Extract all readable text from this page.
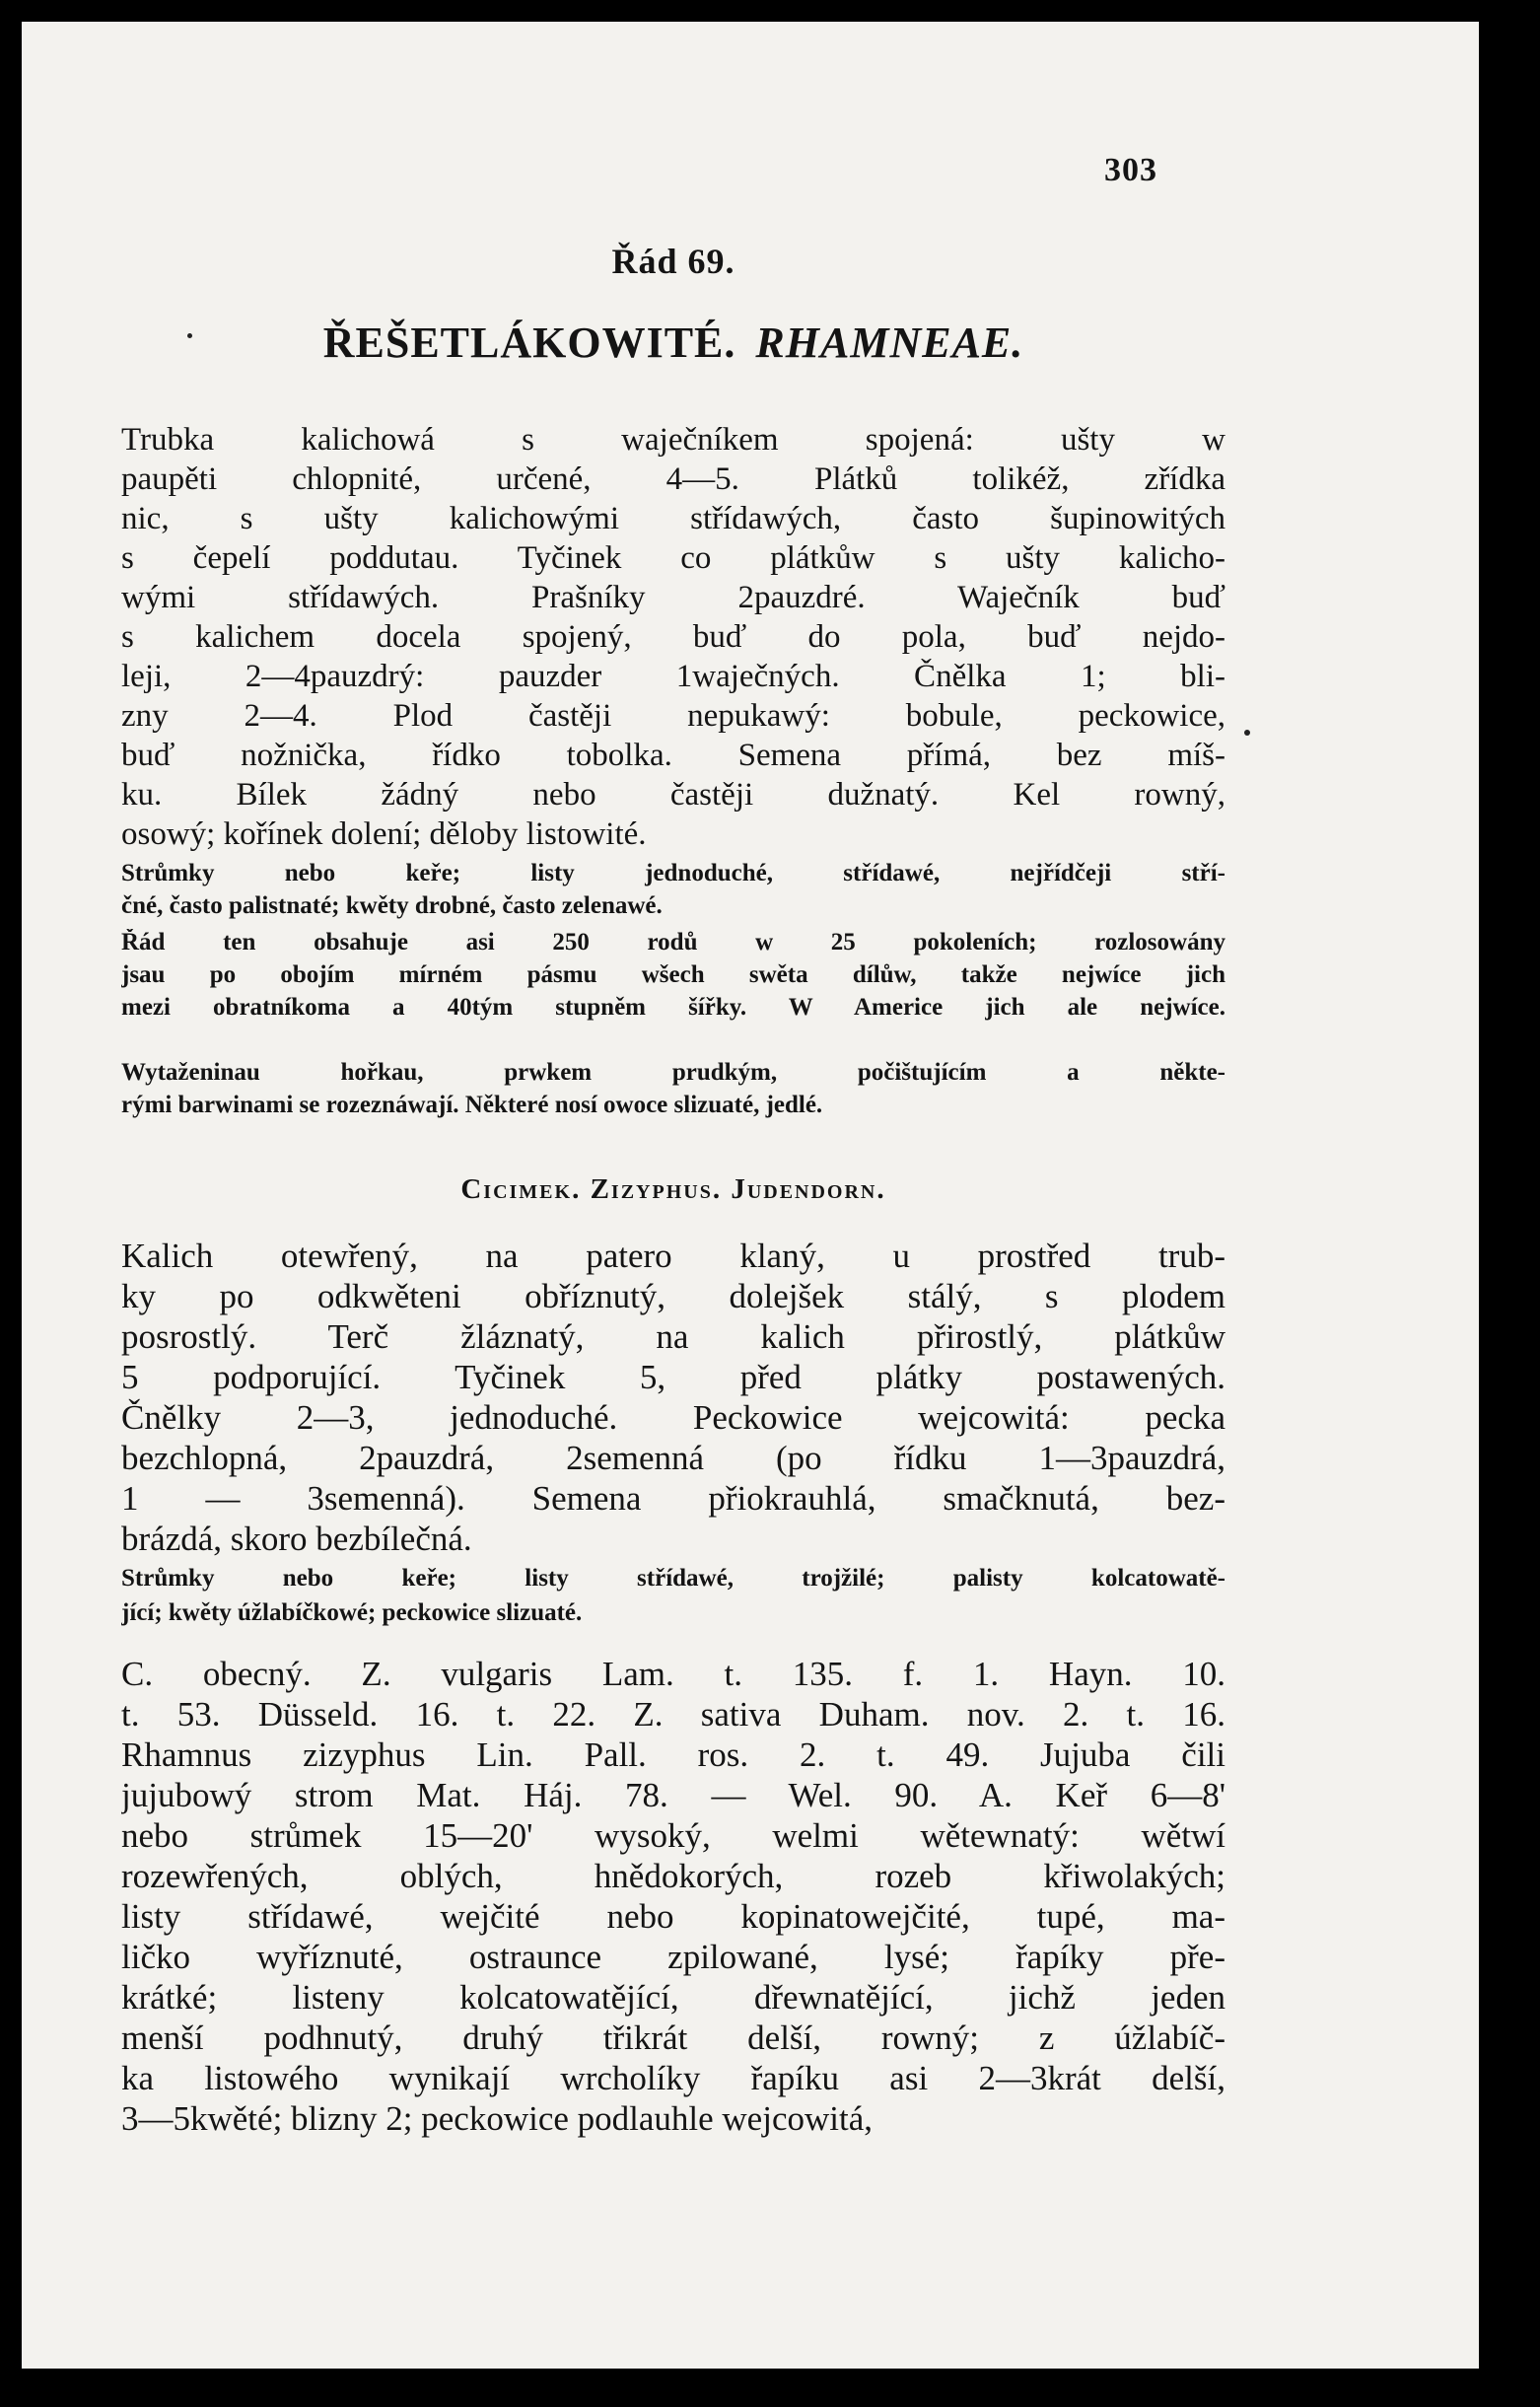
303
Řád 69.
ŘEŠETLÁKOWITÉ. RHAMNEAE.
Trubka kalichowá s waječníkem spojená: ušty w
paupěti chlopnité, určené, 4—5. Plátků tolikéž, zřídka
nic, s ušty kalichowými střídawých, často šupinowitých
s čepelí poddutau. Tyčinek co plátkůw s ušty kalicho-
wými střídawých. Prašníky 2pauzdré. Waječník buď
s kalichem docela spojený, buď do pola, buď nejdo-
leji, 2—4pauzdrý: pauzder 1waječných. Čnělka 1; bli-
zny 2—4. Plod častěji nepukawý: bobule, peckowice,
buď nožnička, řídko tobolka. Semena přímá, bez míš-
ku. Bílek žádný nebo častěji dužnatý. Kel rowný,
osowý; kořínek dolení; děloby listowité.
Strůmky nebo keře; listy jednoduché, střídawé, nejřídčeji stří-
čné, často palistnaté; kwěty drobné, často zelenawé.
Řád ten obsahuje asi 250 rodů w 25 pokoleních; rozlosowány
jsau po obojím mírném pásmu wšech swěta dílůw, takže nejwíce jich
mezi obratníkoma a 40tým stupněm šířky. W Americe jich ale nejwíce.
Wytaženinau hořkau, prwkem prudkým, počištujícím a někte-
rými barwinami se rozeznáwají. Některé nosí owoce slizuaté, jedlé.
Cicimek. Zizyphus. Judendorn.
Kalich otewřený, na patero klaný, u prostřed trub-
ky po odkwěteni obříznutý, dolejšek stálý, s plodem
posrostlý. Terč žláznatý, na kalich přirostlý, plátkůw
5 podporující. Tyčinek 5, před plátky postawených.
Čnělky 2—3, jednoduché. Peckowice wejcowitá: pecka
bezchlopná, 2pauzdrá, 2semenná (po řídku 1—3pauzdrá,
1 — 3semenná). Semena přiokrauhlá, smačknutá, bez-
brázdá, skoro bezbílečná.
Strůmky nebo keře; listy střídawé, trojžilé; palisty kolcatowatě-
jící; kwěty úžlabíčkowé; peckowice slizuaté.
C. obecný. Z. vulgaris Lam. t. 135. f. 1. Hayn. 10.
t. 53. Düsseld. 16. t. 22. Z. sativa Duham. nov. 2. t. 16.
Rhamnus zizyphus Lin. Pall. ros. 2. t. 49. Jujuba čili
jujubowý strom Mat. Háj. 78. — Wel. 90. A. Keř 6—8'
nebo strůmek 15—20' wysoký, welmi wětewnatý: wětwí
rozewřených, oblých, hnědokorých, rozeb křiwolakých;
listy střídawé, wejčité nebo kopinatowejčité, tupé, ma-
ličko wyříznuté, ostraunce zpilowané, lysé; řapíky pře-
krátké; listeny kolcatowatějící, dřewnatějící, jichž jeden
menší podhnutý, druhý třikrát delší, rowný; z úžlabíč-
ka listowého wynikají wrcholíky řapíku asi 2—3krát delší,
3—5kwěté; blizny 2; peckowice podlauhle wejcowitá,
